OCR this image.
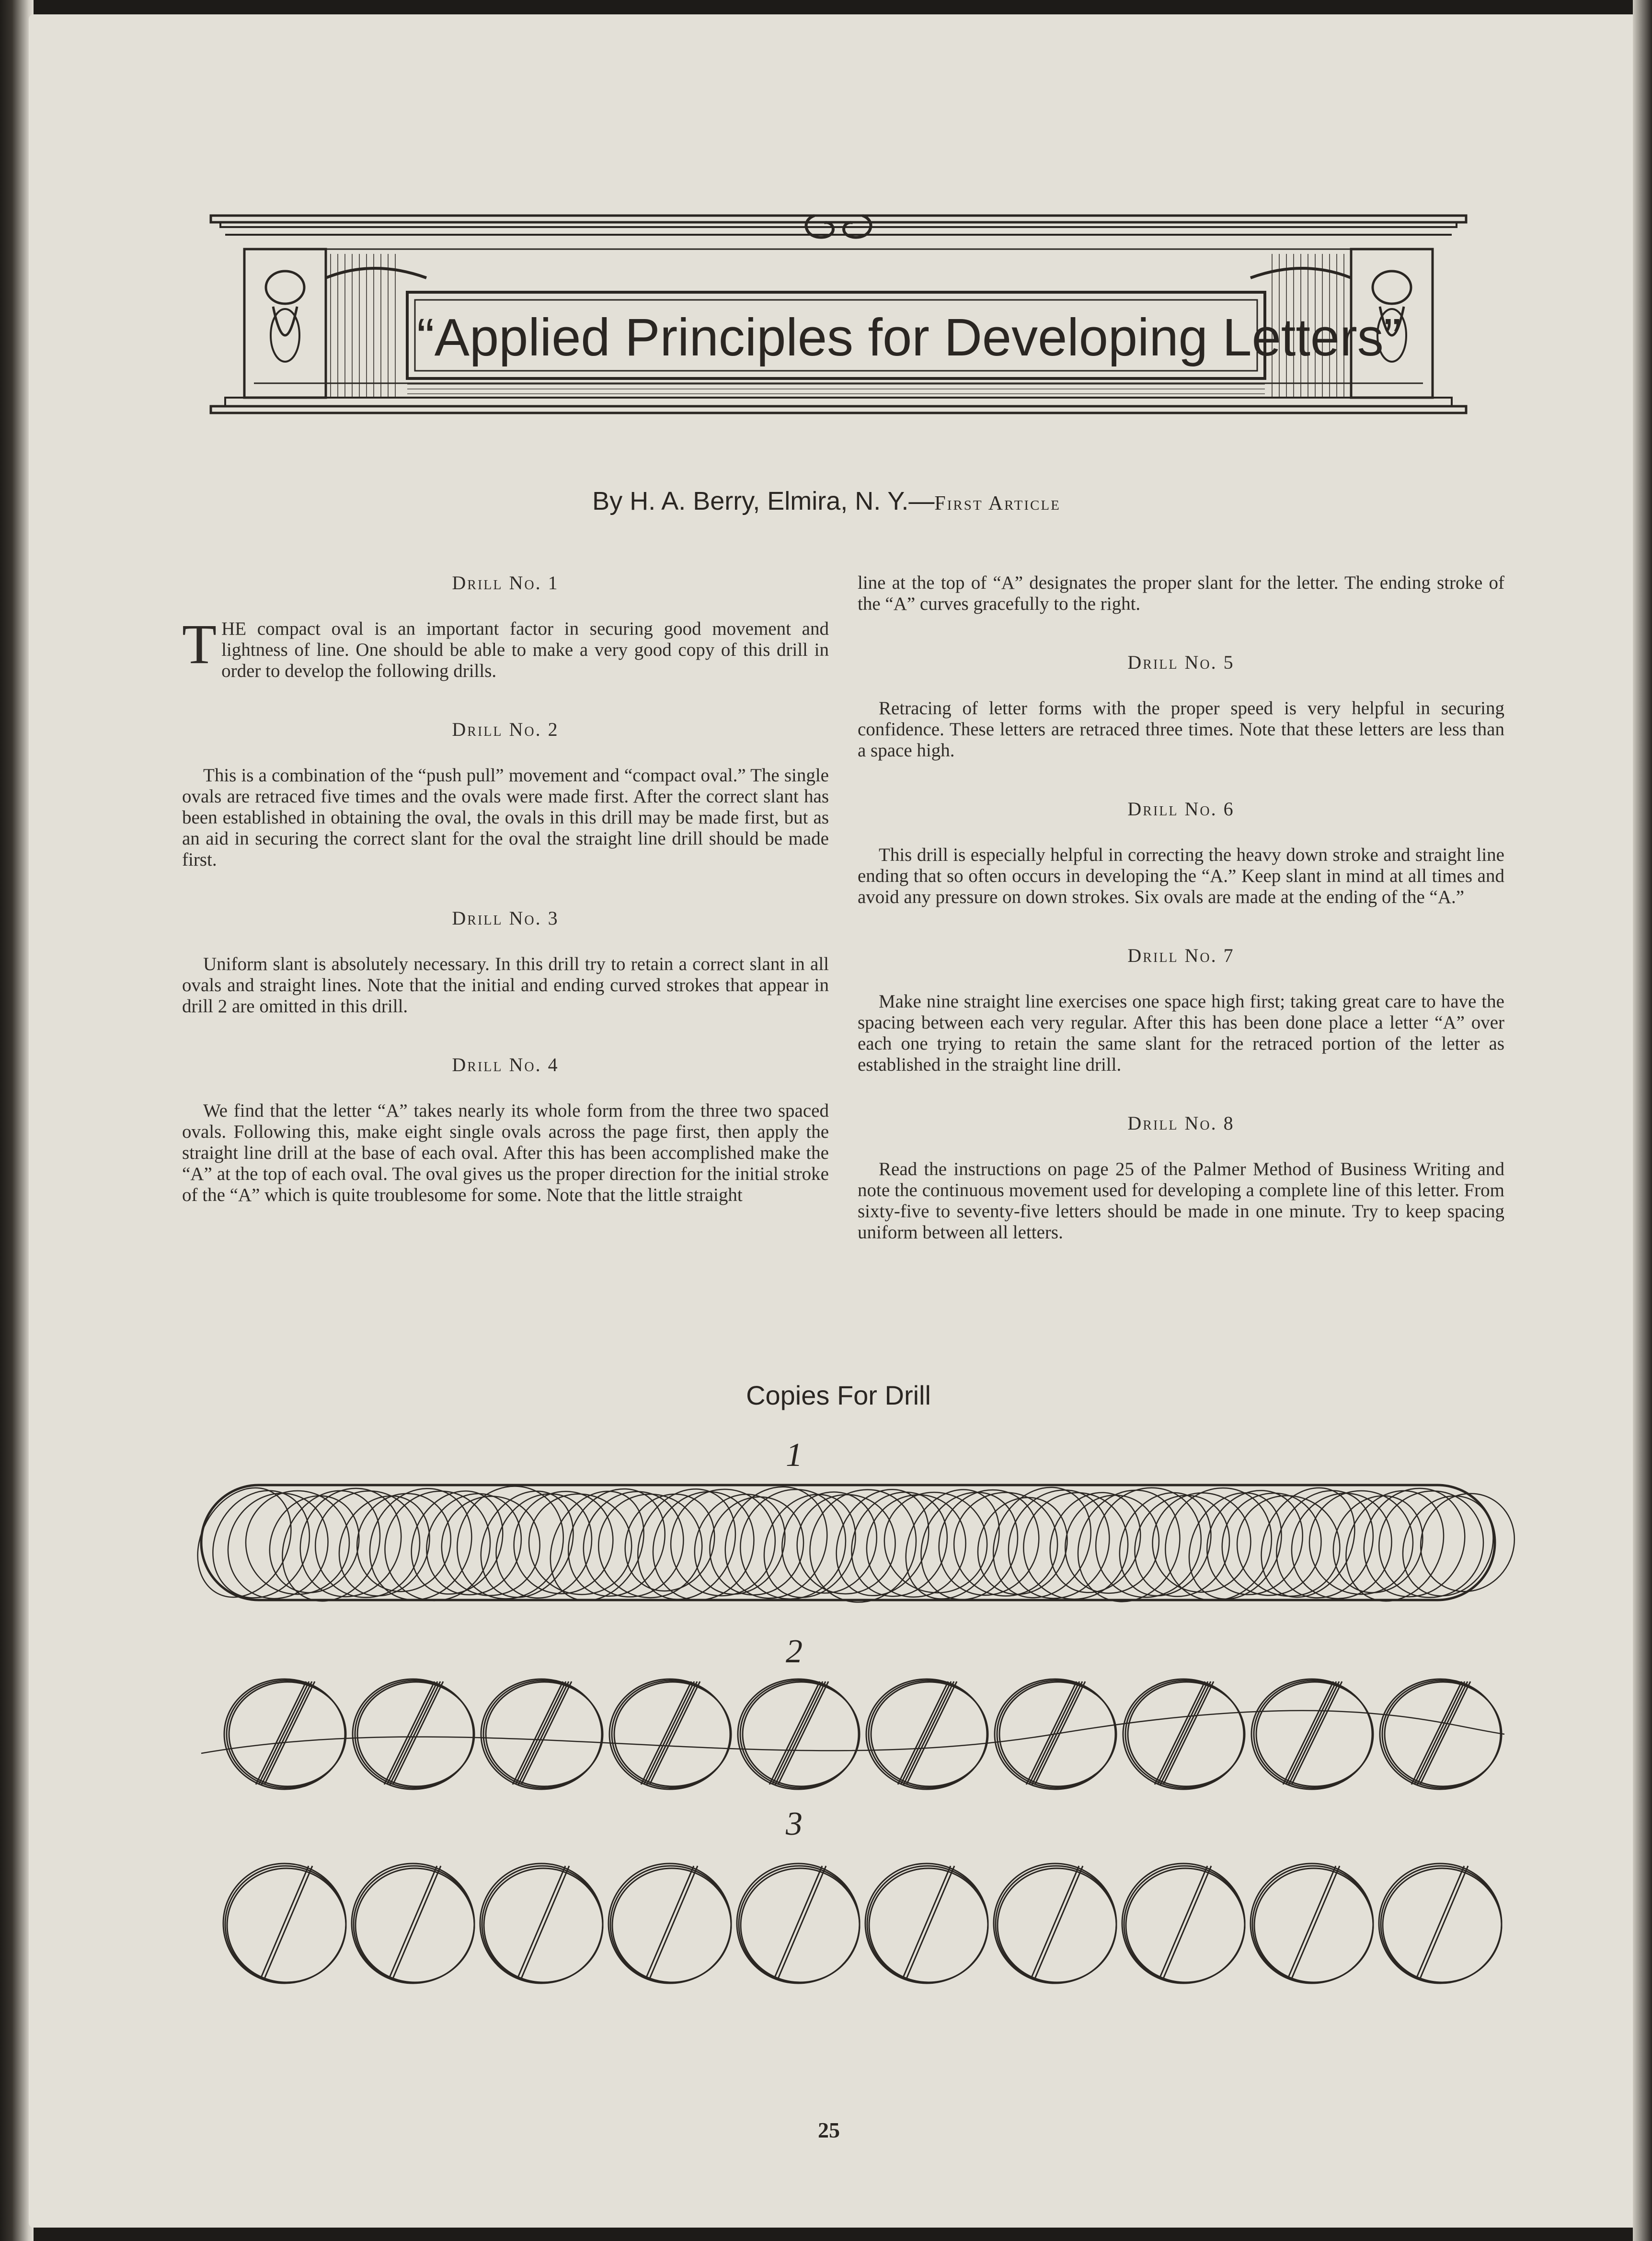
“Applied Principles for Developing Letters”
By H. A. Berry, Elmira, N. Y.—First Article
Drill No. 1
THE compact oval is an important factor in securing good movement and lightness of line. One should be able to make a very good copy of this drill in order to develop the following drills.
Drill No. 2
This is a combination of the “push pull” movement and “compact oval.” The single ovals are retraced five times and the ovals were made first. After the correct slant has been established in obtaining the oval, the ovals in this drill may be made first, but as an aid in securing the correct slant for the oval the straight line drill should be made first.
Drill No. 3
Uniform slant is absolutely necessary. In this drill try to retain a correct slant in all ovals and straight lines. Note that the initial and ending curved strokes that appear in drill 2 are omitted in this drill.
Drill No. 4
We find that the letter “A” takes nearly its whole form from the three two spaced ovals. Following this, make eight single ovals across the page first, then apply the straight line drill at the base of each oval. After this has been accomplished make the “A” at the top of each oval. The oval gives us the proper direction for the initial stroke of the “A” which is quite troublesome for some. Note that the little straight
line at the top of “A” designates the proper slant for the letter. The ending stroke of the “A” curves gracefully to the right.
Drill No. 5
Retracing of letter forms with the proper speed is very helpful in securing confidence. These letters are retraced three times. Note that these letters are less than a space high.
Drill No. 6
This drill is especially helpful in correcting the heavy down stroke and straight line ending that so often occurs in developing the “A.” Keep slant in mind at all times and avoid any pressure on down strokes. Six ovals are made at the ending of the “A.”
Drill No. 7
Make nine straight line exercises one space high first; taking great care to have the spacing between each very regular. After this has been done place a letter “A” over each one trying to retain the same slant for the retraced portion of the letter as established in the straight line drill.
Drill No. 8
Read the instructions on page 25 of the Palmer Method of Business Writing and note the continuous movement used for developing a complete line of this letter. From sixty-five to seventy-five letters should be made in one minute. Try to keep spacing uniform between all letters.
Copies For Drill
1
2
3
25
